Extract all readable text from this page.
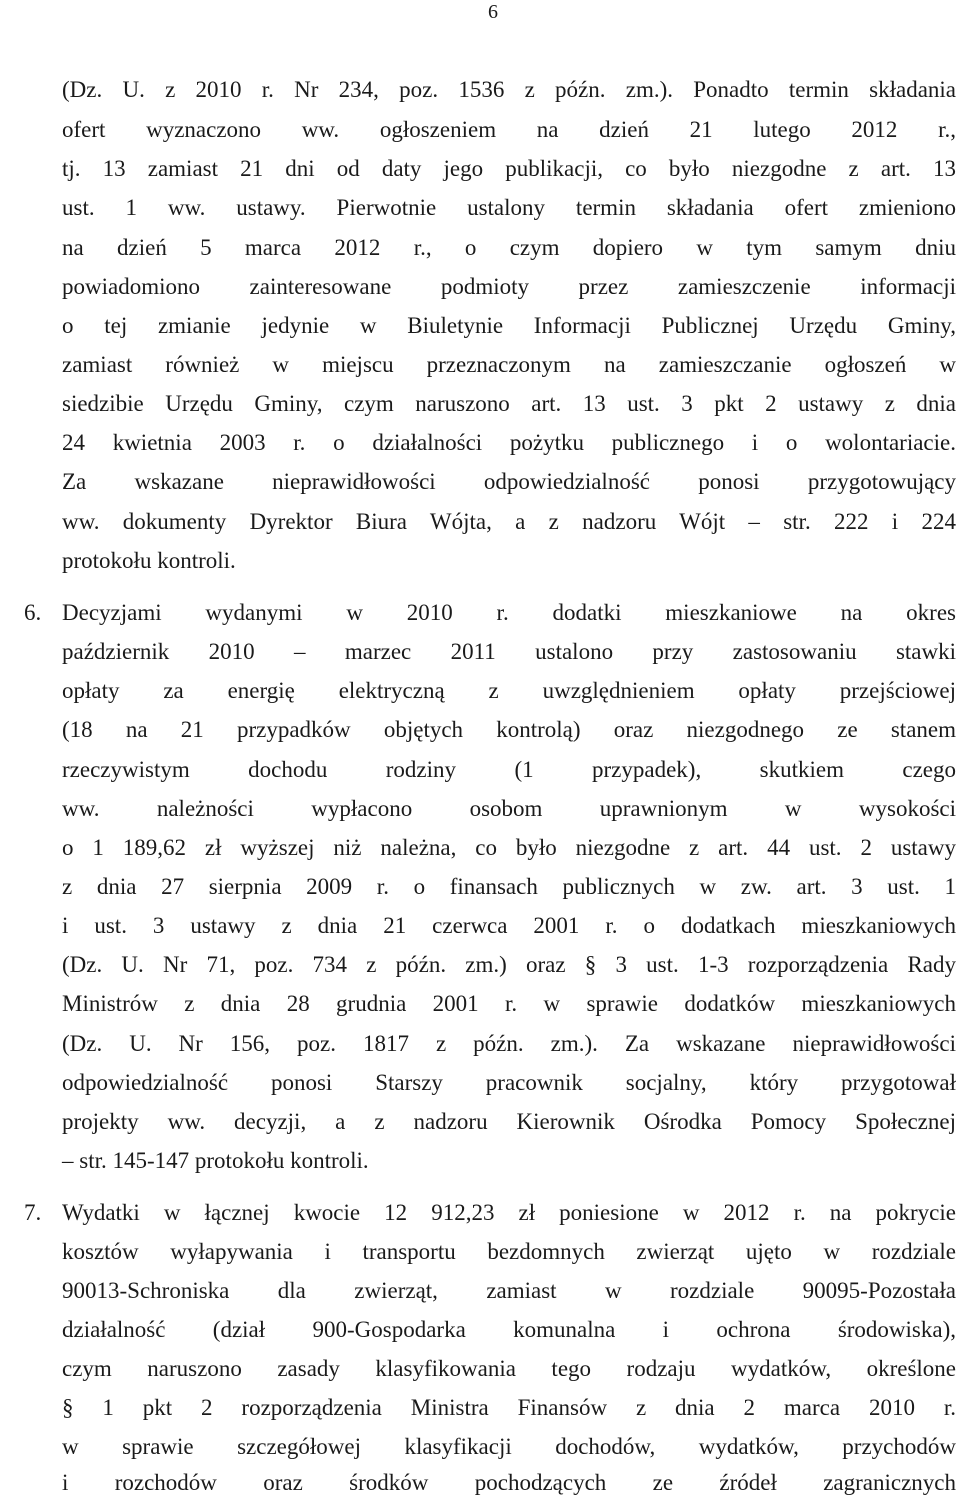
6
(Dz. U. z 2010 r. Nr 234, poz. 1536 z późn. zm.). Ponadto termin składania
ofert wyznaczono ww. ogłoszeniem na dzień 21 lutego 2012 r.,
tj. 13 zamiast 21 dni od daty jego publikacji, co było niezgodne z art. 13
ust. 1 ww. ustawy. Pierwotnie ustalony termin składania ofert zmieniono
na dzień 5 marca 2012 r., o czym dopiero w tym samym dniu
powiadomiono zainteresowane podmioty przez zamieszczenie informacji
o tej zmianie jedynie w Biuletynie Informacji Publicznej Urzędu Gminy,
zamiast również w miejscu przeznaczonym na zamieszczanie ogłoszeń w
siedzibie Urzędu Gminy, czym naruszono art. 13 ust. 3 pkt 2 ustawy z dnia
24 kwietnia 2003 r. o działalności pożytku publicznego i o wolontariacie.
Za wskazane nieprawidłowości odpowiedzialność ponosi przygotowujący
ww. dokumenty Dyrektor Biura Wójta, a z nadzoru Wójt – str. 222 i 224
protokołu kontroli.
6. Decyzjami wydanymi w 2010 r. dodatki mieszkaniowe na okres
październik 2010 – marzec 2011 ustalono przy zastosowaniu stawki
opłaty za energię elektryczną z uwzględnieniem opłaty przejściowej
(18 na 21 przypadków objętych kontrolą) oraz niezgodnego ze stanem
rzeczywistym dochodu rodziny (1 przypadek), skutkiem czego
ww. należności wypłacono osobom uprawnionym w wysokości
o 1 189,62 zł wyższej niż należna, co było niezgodne z art. 44 ust. 2 ustawy
z dnia 27 sierpnia 2009 r. o finansach publicznych w zw. art. 3 ust. 1
i ust. 3 ustawy z dnia 21 czerwca 2001 r. o dodatkach mieszkaniowych
(Dz. U. Nr 71, poz. 734 z późn. zm.) oraz § 3 ust. 1-3 rozporządzenia Rady
Ministrów z dnia 28 grudnia 2001 r. w sprawie dodatków mieszkaniowych
(Dz. U. Nr 156, poz. 1817 z późn. zm.). Za wskazane nieprawidłowości
odpowiedzialność ponosi Starszy pracownik socjalny, który przygotował
projekty ww. decyzji, a z nadzoru Kierownik Ośrodka Pomocy Społecznej
– str. 145-147 protokołu kontroli.
7. Wydatki w łącznej kwocie 12 912,23 zł poniesione w 2012 r. na pokrycie
kosztów wyłapywania i transportu bezdomnych zwierząt ujęto w rozdziale
90013-Schroniska dla zwierząt, zamiast w rozdziale 90095-Pozostała
działalność (dział 900-Gospodarka komunalna i ochrona środowiska),
czym naruszono zasady klasyfikowania tego rodzaju wydatków, określone
§ 1 pkt 2 rozporządzenia Ministra Finansów z dnia 2 marca 2010 r.
w sprawie szczegółowej klasyfikacji dochodów, wydatków, przychodów
i rozchodów oraz środków pochodzących ze źródeł zagranicznych
